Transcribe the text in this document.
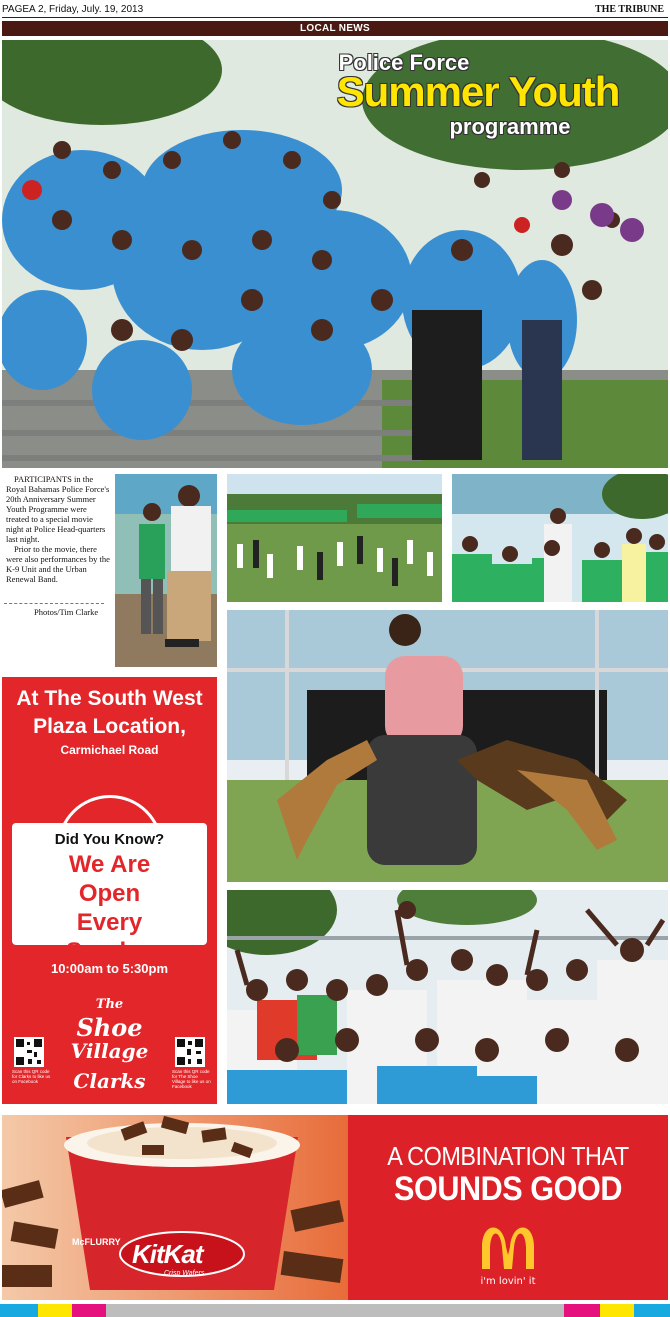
PAGEA 2, Friday, July. 19, 2013	THE TRIBUNE
LOCAL NEWS
Police Force
Summer Youth
programme

PARTICIPANTS in the Royal Bahamas Police Force's 20th Anniversary Summer Youth Programme were treated to a special movie night at Police Head-quarters last night.

Prior to the movie, there were also performances by the K-9 Unit and the Urban Renewal Band.

Photos/Tim Clarke
At The South West Plaza Location,
Carmichael Road
Did You Know?
We Are
Open
Every
Sunday
10:00am to 5:30pm
The
Shoe
Village
Clarks
Scan this QR code for Clarks to like us on Facebook
Scan this QR code for The Shoe Village to like us on Facebook
McFLURRY KitKat
Crisp Wafers
A COMBINATION THAT
SOUNDS GOOD
i'm lovin' it
